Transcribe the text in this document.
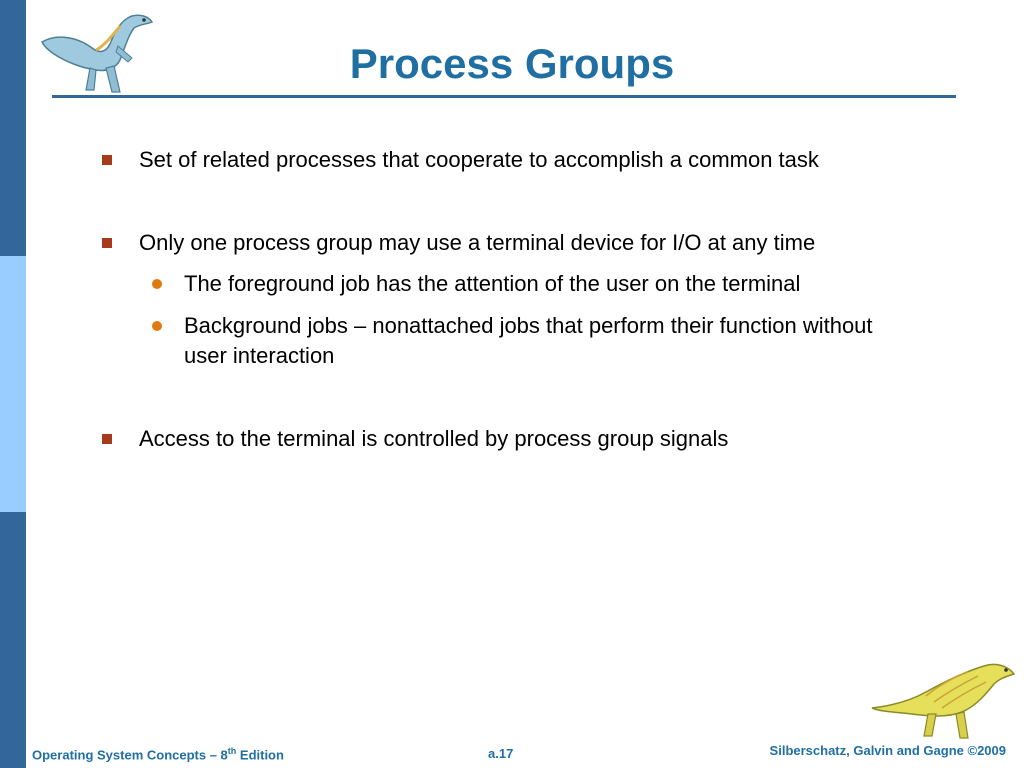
Process Groups
Set of related processes that cooperate to accomplish a common task
Only one process group may use a terminal device for I/O at any time
The foreground job has the attention of the user on the terminal
Background jobs – nonattached jobs that perform their function without user interaction
Access to the terminal is controlled by process group signals
Operating System Concepts – 8th Edition	a.17	Silberschatz, Galvin and Gagne ©2009
